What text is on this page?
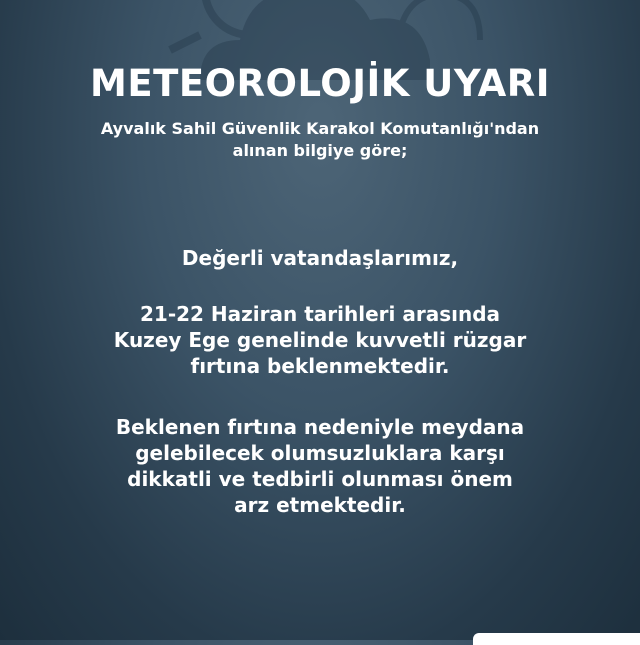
METEOROLOJİK UYARI
Ayvalık Sahil Güvenlik Karakol Komutanlığı'ndan
alınan bilgiye göre;
Değerli vatandaşlarımız,
21-22 Haziran tarihleri arasında
Kuzey Ege genelinde kuvvetli rüzgar
fırtına beklenmektedir.
Beklenen fırtına nedeniyle meydana
gelebilecek olumsuzluklara karşı
dikkatli ve tedbirli olunması önem
arz etmektedir.
